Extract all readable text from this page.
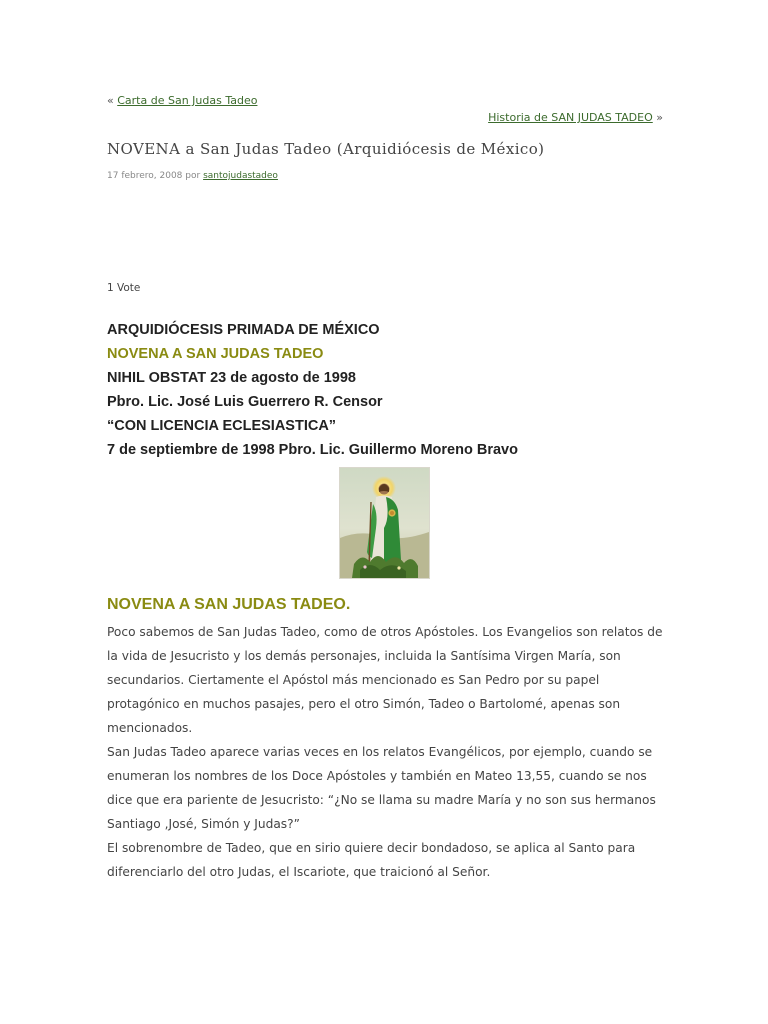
« Carta de San Judas Tadeo
Historia de SAN JUDAS TADEO »
NOVENA a San Judas Tadeo (Arquidiócesis de México)
17 febrero, 2008 por santojudastadeo
1 Vote
ARQUIDIÓCESIS PRIMADA DE MÉXICO
NOVENA A SAN JUDAS TADEO
NIHIL OBSTAT 23 de agosto de 1998
Pbro. Lic. José Luis Guerrero R. Censor
“CON LICENCIA ECLESIASTICA”
7 de septiembre de 1998 Pbro. Lic. Guillermo Moreno Bravo
NOVENA A SAN JUDAS TADEO.

Poco sabemos de San Judas Tadeo, como de otros Apóstoles. Los Evangelios son relatos de la vida de Jesucristo y los demás personajes, incluida la Santísima Virgen María, son secundarios. Ciertamente el Apóstol más mencionado es San Pedro por su papel protagónico en muchos pasajes, pero el otro Simón, Tadeo o Bartolomé, apenas son mencionados.

San Judas Tadeo aparece varias veces en los relatos Evangélicos, por ejemplo, cuando se enumeran los nombres de los Doce Apóstoles y también en Mateo 13,55, cuando se nos dice que era pariente de Jesucristo: “¿No se llama su madre María y no son sus hermanos Santiago ,José, Simón y Judas?”

El sobrenombre de Tadeo, que en sirio quiere decir bondadoso, se aplica al Santo para diferenciarlo del otro Judas, el Iscariote, que traicionó al Señor.
